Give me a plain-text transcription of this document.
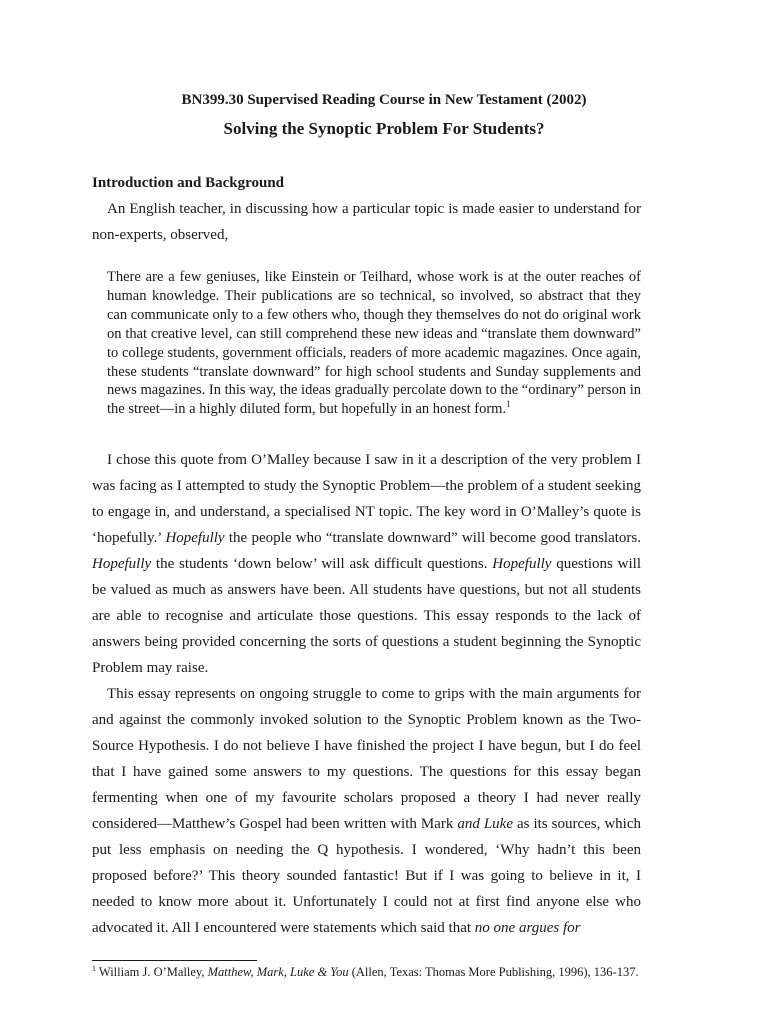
BN399.30 Supervised Reading Course in New Testament (2002)
Solving the Synoptic Problem For Students?
Introduction and Background

An English teacher, in discussing how a particular topic is made easier to understand for non-experts, observed,

There are a few geniuses, like Einstein or Teilhard, whose work is at the outer reaches of human knowledge. Their publications are so technical, so involved, so abstract that they can communicate only to a few others who, though they themselves do not do original work on that creative level, can still comprehend these new ideas and “translate them downward” to college students, government officials, readers of more academic magazines. Once again, these students “translate downward” for high school students and Sunday supplements and news magazines. In this way, the ideas gradually percolate down to the “ordinary” person in the street—in a highly diluted form, but hopefully in an honest form.$^1$

I chose this quote from O’Malley because I saw in it a description of the very problem I was facing as I attempted to study the Synoptic Problem—the problem of a student seeking to engage in, and understand, a specialised NT topic. The key word in O’Malley’s quote is ‘hopefully.’ Hopefully the people who “translate downward” will become good translators. Hopefully the students ‘down below’ will ask difficult questions. Hopefully questions will be valued as much as answers have been. All students have questions, but not all students are able to recognise and articulate those questions. This essay responds to the lack of answers being provided concerning the sorts of questions a student beginning the Synoptic Problem may raise.

This essay represents on ongoing struggle to come to grips with the main arguments for and against the commonly invoked solution to the Synoptic Problem known as the Two-Source Hypothesis. I do not believe I have finished the project I have begun, but I do feel that I have gained some answers to my questions. The questions for this essay began fermenting when one of my favourite scholars proposed a theory I had never really considered—Matthew’s Gospel had been written with Mark and Luke as its sources, which put less emphasis on needing the Q hypothesis. I wondered, ‘Why hadn’t this been proposed before?’ This theory sounded fantastic! But if I was going to believe in it, I needed to know more about it. Unfortunately I could not at first find anyone else who advocated it. All I encountered were statements which said that no one argues for

$^1$ William J. O’Malley, Matthew, Mark, Luke & You (Allen, Texas: Thomas More Publishing, 1996), 136-137.
